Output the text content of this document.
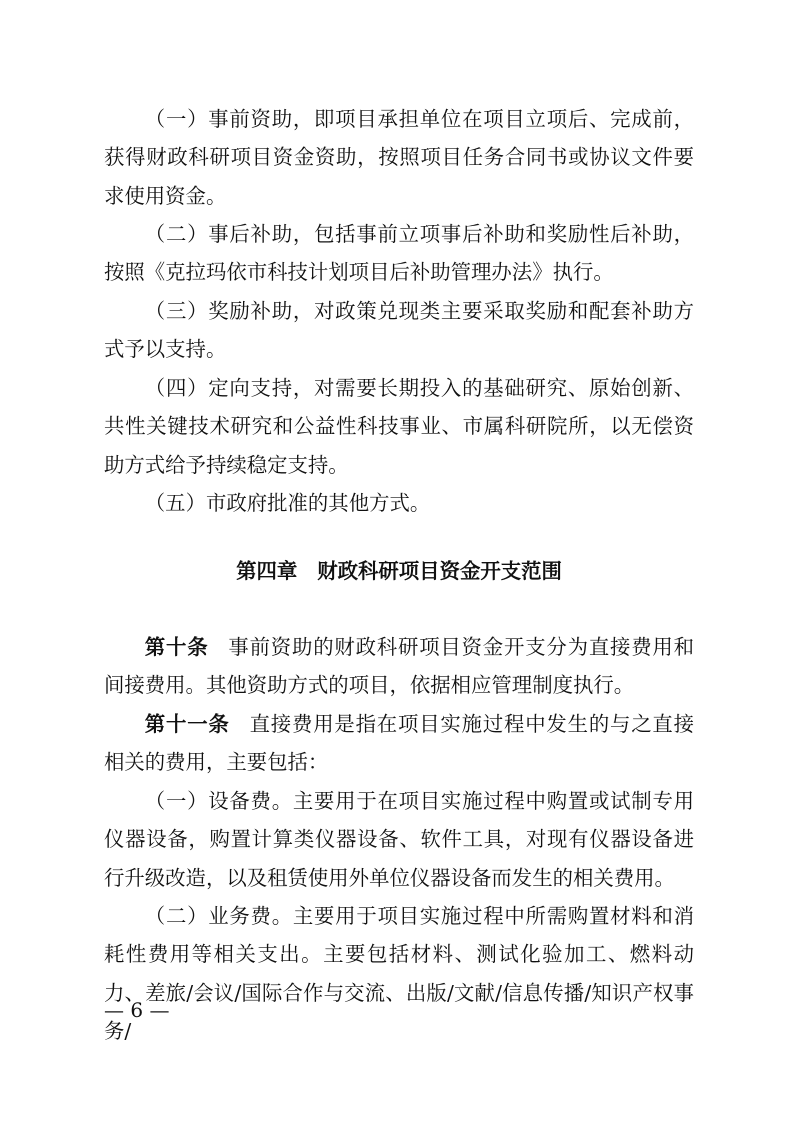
（一）事前资助，即项目承担单位在项目立项后、完成前，获得财政科研项目资金资助，按照项目任务合同书或协议文件要求使用资金。

（二）事后补助，包括事前立项事后补助和奖励性后补助，按照《克拉玛依市科技计划项目后补助管理办法》执行。

（三）奖励补助，对政策兑现类主要采取奖励和配套补助方式予以支持。

（四）定向支持，对需要长期投入的基础研究、原始创新、共性关键技术研究和公益性科技事业、市属科研院所，以无偿资助方式给予持续稳定支持。

（五）市政府批准的其他方式。

第四章 财政科研项目资金开支范围

第十条 事前资助的财政科研项目资金开支分为直接费用和间接费用。其他资助方式的项目，依据相应管理制度执行。

第十一条 直接费用是指在项目实施过程中发生的与之直接相关的费用，主要包括：

（一）设备费。主要用于在项目实施过程中购置或试制专用仪器设备，购置计算类仪器设备、软件工具，对现有仪器设备进行升级改造，以及租赁使用外单位仪器设备而发生的相关费用。

（二）业务费。主要用于项目实施过程中所需购置材料和消耗性费用等相关支出。主要包括材料、测试化验加工、燃料动力、差旅/会议/国际合作与交流、出版/文献/信息传播/知识产权事务/

— 6 —
